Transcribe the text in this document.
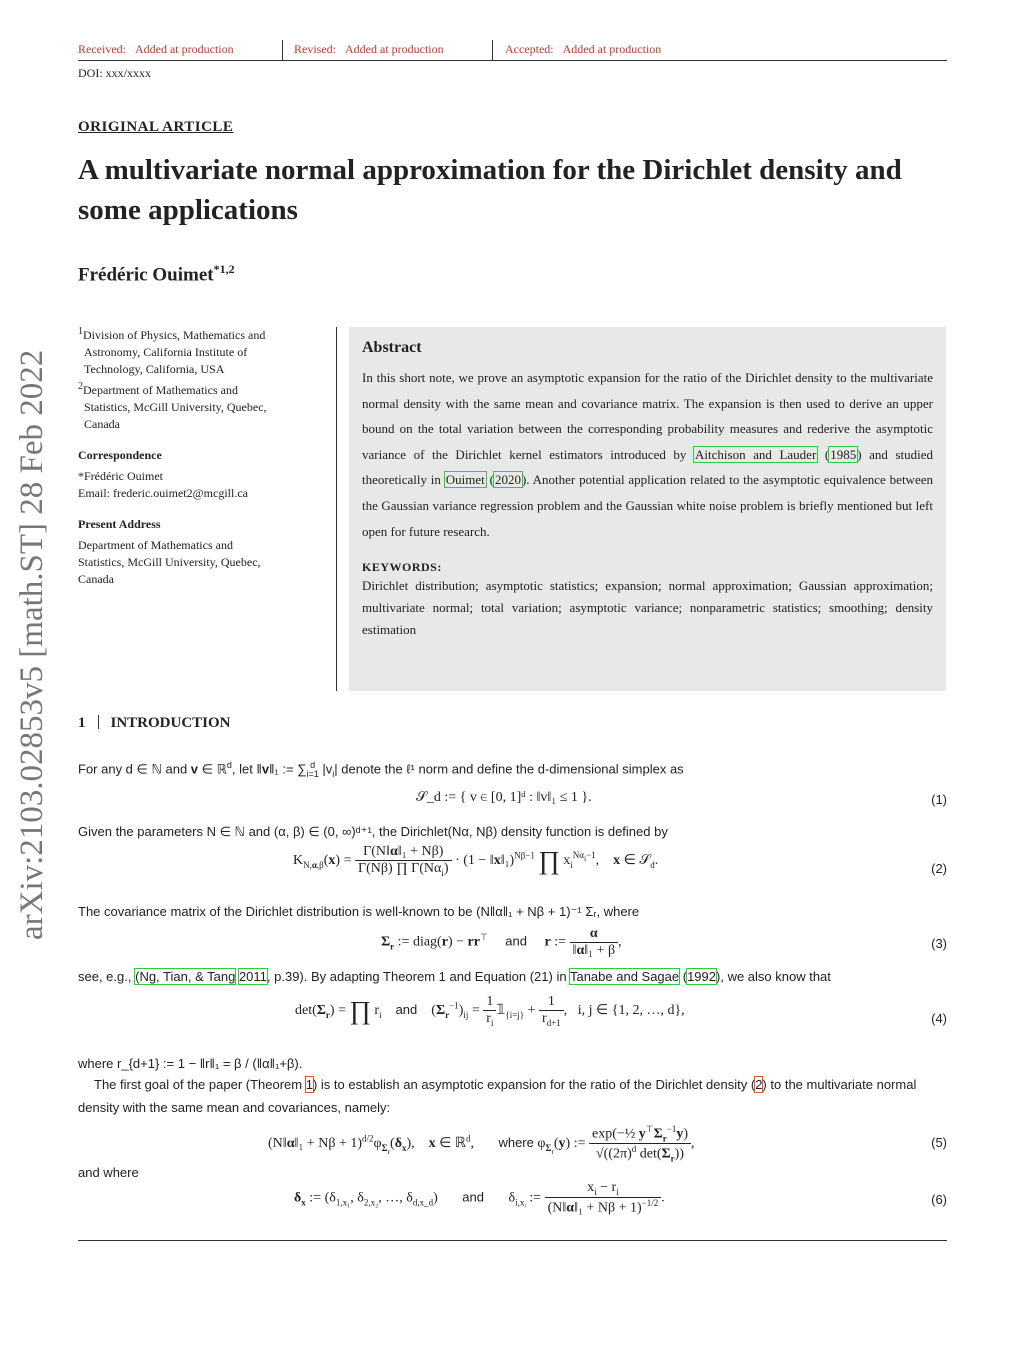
Received: Added at production	Revised: Added at production	Accepted: Added at production
DOI: xxx/xxxx
ORIGINAL ARTICLE
A multivariate normal approximation for the Dirichlet density and some applications
Frédéric Ouimet$^{*1,2}$
arXiv:2103.02853v5 [math.ST] 28 Feb 2022
$^1$Division of Physics, Mathematics and
Astronomy, California Institute of
Technology, California, USA
$^2$Department of Mathematics and
Statistics, McGill University, Quebec,
Canada
Correspondence
*Frédéric Ouimet
Email: frederic.ouimet2@mcgill.ca
Present Address
Department of Mathematics and
Statistics, McGill University, Quebec,
Canada
Abstract

In this short note, we prove an asymptotic expansion for the ratio of the Dirichlet density to the multivariate normal density with the same mean and covariance matrix. The expansion is then used to derive an upper bound on the total variation between the corresponding probability measures and rederive the asymptotic variance of the Dirichlet kernel estimators introduced by Aitchison and Lauder (1985) and studied theoretically in Ouimet (2020). Another potential application related to the asymptotic equivalence between the Gaussian variance regression problem and the Gaussian white noise problem is briefly mentioned but left open for future research.

KEYWORDS:
Dirichlet distribution; asymptotic statistics; expansion; normal approximation; Gaussian approximation; multivariate normal; total variation; asymptotic variance; nonparametric statistics; smoothing; density estimation
1 INTRODUCTION
For any d ∈ ℕ and v ∈ ℝ$^d$, let ‖v‖₁ := ∑ d
i=1 $|v_i|$ denote the ℓ¹ norm and define the d-dimensional simplex as
𝒮_d := { v ∈ [0, 1]ᵈ : ‖v‖₁ ≤ 1 }.	(1)
Given the parameters N ∈ ℕ and (α, β) ∈ (0, ∞)ᵈ⁺¹, the Dirichlet(Nα, Nβ) density function is defined by
$K_{N,\alpha,\beta}(x) = \frac{\text{Γ(N‖α‖₁ + Nβ)}}{\Gamma(N\beta) \prod \Gamma(N\alpha_i)} \cdot (1$ − ‖x‖₁)$^{N\beta-1}$ ∏ $x_i^{N\alpha_i-1}$,    x ∈ 𝒮$_d$.
(2)
The covariance matrix of the Dirichlet distribution is well-known to be (N‖α‖₁ + Nβ + 1)⁻¹ Σᵣ, where
$\Sigma_r$ := diag(r) − rr⊤ and r := $\frac{\alpha}{\text{‖α‖₁ + β}}$ ,	(3)
see, e.g., (Ng, Tian, & Tang 2011, p.39). By adapting Theorem 1 and Equation (21) in Tanabe and Sagae (1992), we also know that
$\det(\Sigma_r)$ = ∏ $r_i$ and    $(\Sigma_r^{-1})_{ij} = \frac{1}{r_i}$ $𝟙_{\{i=j\}} + \frac{1}{r_{d+1}}$ ,   i, j ∈ {1, 2, …, d},
(4)
where r_{d+1} := 1 − ‖r‖₁ = β / (‖α‖₁+β).
The first goal of the paper (Theorem 1) is to establish an asymptotic expansion for the ratio of the Dirichlet density (2) to the multivariate normal
density with the same mean and covariances, namely:
(N‖α‖₁ + $N\beta + 1)^{d/2}\varphi_{\Sigma_r}(\delta_x)$,    x ∈ ℝ$^d$,       where $\varphi_{\Sigma_r}(y)$ := $\frac{\exp(-\frac{1}{2} y^⊤\Sigma_r^{-1}y)}{√((2\pi)^d \det(\Sigma_r))}$ ,	(5)
and where
$\delta_x$ := ($\delta_{1,x_1}$, $\delta_{2,x_2}$, …, $\delta_{d,x\_d}$)       and       $\delta_{i,xᵢ}$ := $\frac{x_i - r_i}{(N‖\alpha‖_1 + N\beta + 1)^{-1/2}}$ .	(6)
